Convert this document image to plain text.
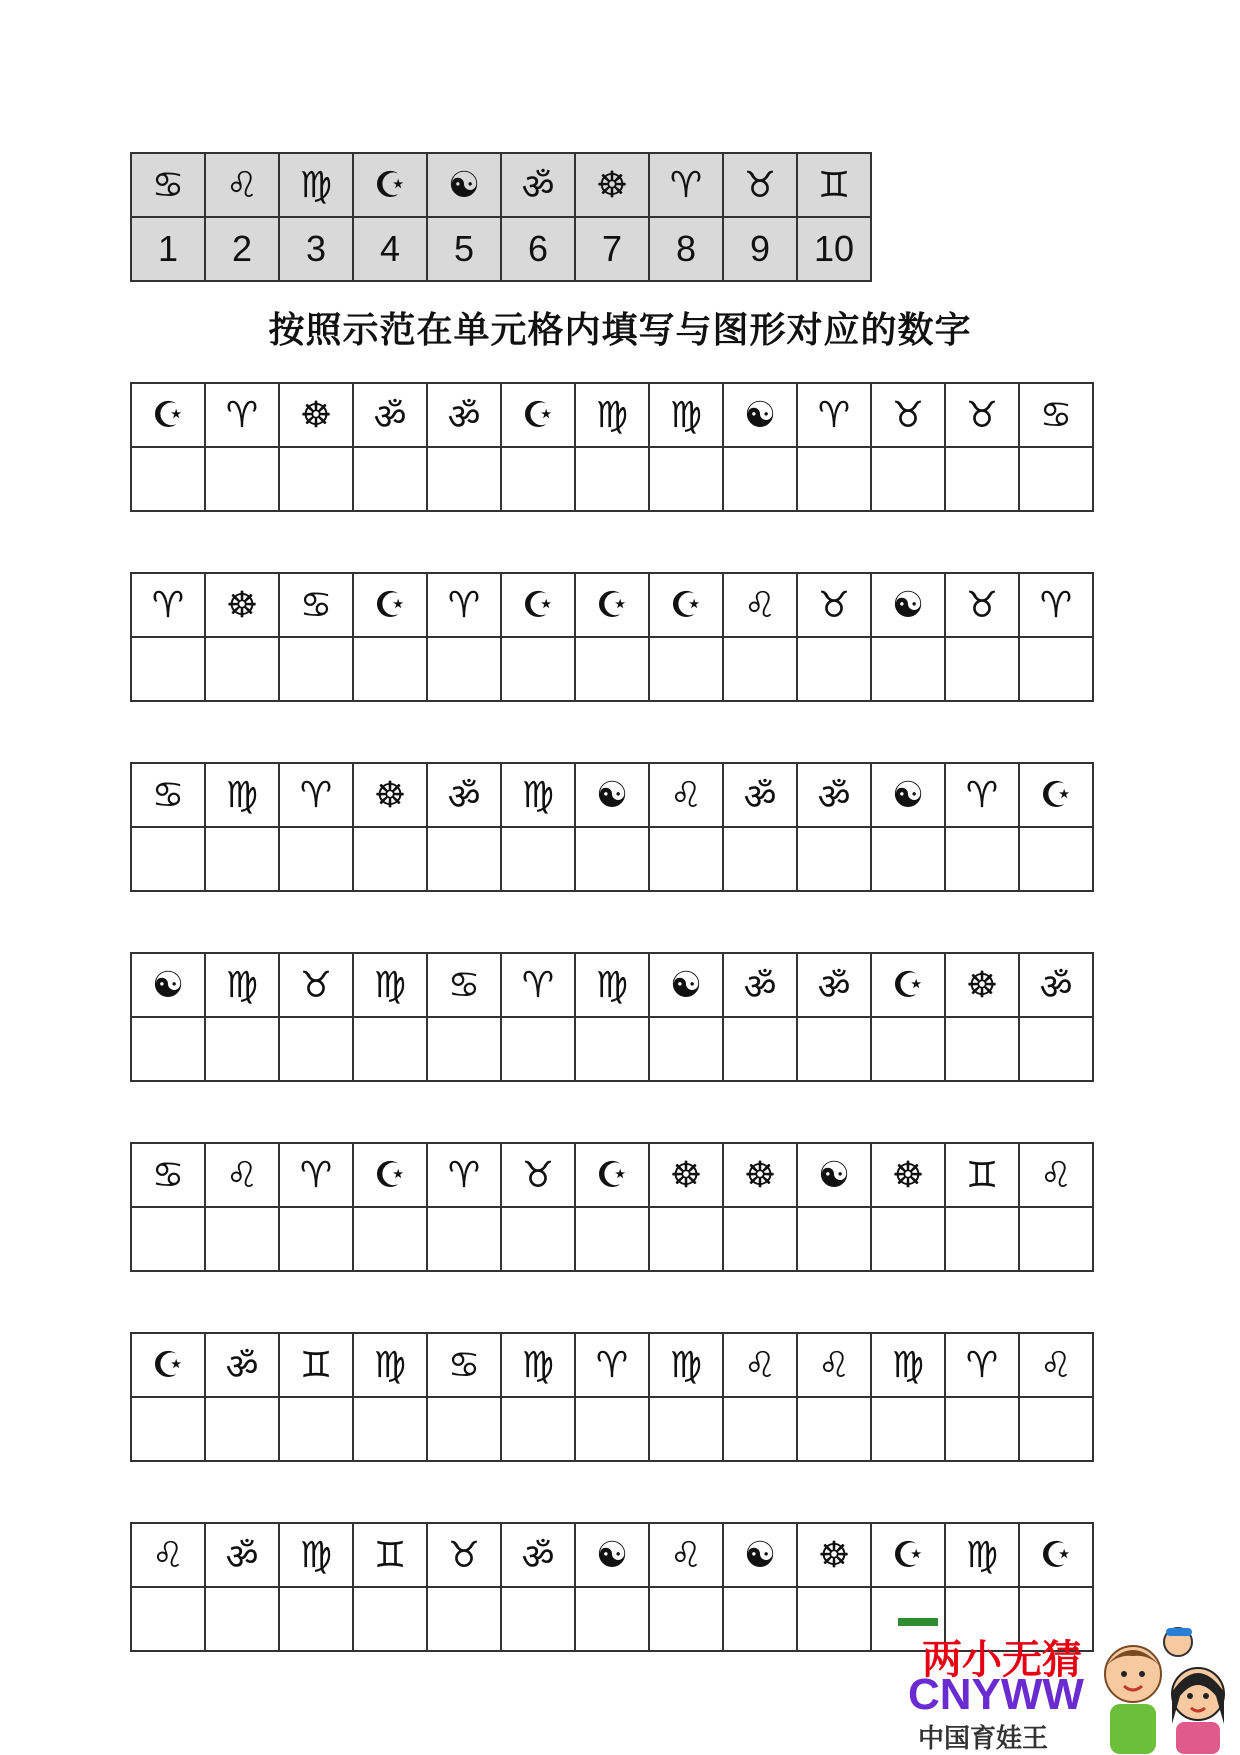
♋	♌	♍	☪	☯	ॐ	☸	♈	♉	♊
1	2	3	4	5	6	7	8	9	10
按照示范在单元格内填写与图形对应的数字
☪	♈	☸	ॐ	ॐ	☪	♍	♍	☯	♈	♉	♉	♋

♈	☸	♋	☪	♈	☪	☪	☪	♌	♉	☯	♉	♈

♋	♍	♈	☸	ॐ	♍	☯	♌	ॐ	ॐ	☯	♈	☪

☯	♍	♉	♍	♋	♈	♍	☯	ॐ	ॐ	☪	☸	ॐ

♋	♌	♈	☪	♈	♉	☪	☸	☸	☯	☸	♊	♌

☪	ॐ	♊	♍	♋	♍	♈	♍	♌	♌	♍	♈	♌

♌	ॐ	♍	♊	♉	ॐ	☯	♌	☯	☸	☪	♍	☪

两小无猜
CNYWW
中国育娃王
